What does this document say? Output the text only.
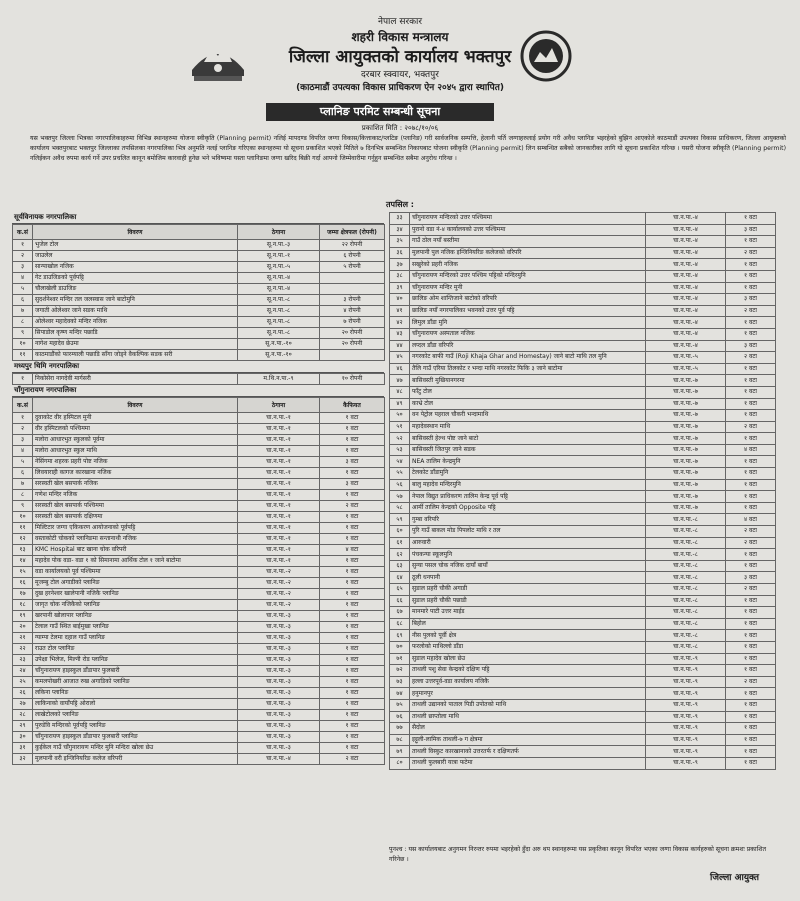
नेपाल सरकार
शहरी विकास मन्त्रालय
जिल्ला आयुक्तको कार्यालय भक्तपुर
दरबार स्क्वायर, भक्तपुर
(काठमाडौं उपत्यका विकास प्राधिकरण ऐन २०४५ द्वारा स्थापित)
प्लानिङ परमिट सम्बन्धी सूचना
प्रकाशित मिति : २०७८/१०/०६
यस भक्तपुर जिल्ला भित्रका नगरपालिकाहरुमा विभिन्न स्थानहरुमा योजना स्वीकृति (Planning permit) नलिई मापदण्ड विपरित जग्गा विकास/कित्ताकाट/प्लटिङ (प्लानिङ) गरी सार्वजनिक सम्पत्ति, हेलानी पर्ति जग्गाहरुलाई प्रयोग गरी अवैध प्लानिङ भइरहेको बुझिन आएकोले काठमाडौं उपत्यका विकास प्राधिकरण, जिल्ला आयुक्तको कार्यालय भक्तपुरबाट भक्तपुर जिल्लाका तपसिलका नगरपालिका भित्र अनुमति नलई प्लानिङ गरिएका स्थानहरुमा यो सूचना प्रकाशित भएको मितिले ७ दिनभित्र सम्बन्धित निकायबाट योजना स्वीकृति (Planning permit) लिन सम्बन्धित सबैको जानकारीका लागि यो सूचना प्रकाशित गरिन्छ । यसरी योजना स्वीकृति (Planning permit) नलिईकन अवैध रुपमा कार्य गर्ने उपर प्रचलित कानून बमोजिम कारवाही हुनेछ भने भविष्यमा यस्ता प्लानिङमा जग्गा खरिद बिक्री गर्दा आफ्नो जिम्मेवारीमा गर्नुहुन सम्बन्धित सबैमा अनुरोध गरिन्छ ।
तपसिल :
सूर्यविनायक नगरपालिका
क.सं	विवरण	ठेगाना	जम्मा क्षेत्रफल (रोपनी)
१	भुजेल टोल	सू.न.पा.-३	२२ रोपनी
२	जाउलेल	सू.न.पा.-१	६ रोपनी
३	सान्पाखोल नजिक	सू.न.पा.-५	५ रोपनी
४	गेट डाउजिङको पूर्वपट्टि	सू.न.पा.-४	
५	चौलाखेली डाउजिङ	सू.न.पा.-४	
६	सुदर्शनेश्वर मन्दिर तल जलस्वास जाने बाटोमुनि	सू.न.पा.-८	३ रोपनी
७	जगाती ओलेश्वर जाने सडक माथि	सू.न.पा.-८	४ रोपनी
८	ओलेश्वर महादेवको मन्दिर नजिक	सू.न.पा.-८	७ रोपनी
९	सिपाडोल कृष्ण मन्दिर पछाडि	सू.न.पा.-८	२० रोपनी
१०	नागेश महादेव छेउमा	सू.न.पा.-१०	२० रोपनी
११	काठमाडौंको फारम्याली पछाडि साँगा जोड्ने वैकल्पिक सडक सरी	सू.न.पा.-१०	
मध्यपुर थिमि नगरपालिका
१	निकोसेरा नागदेवी मार्गसरी	म.थि.न.पा.-९	१० रोपनी
चाँगुनारायण नगरपालिका
क.सं	विवरण	ठेगाना	कैफियत
१	दुवाकोट वीर हस्पिटल मुनी	चा.न.पा.-१	१ वटा
२	वीर हस्पिटलको पश्चिममा	चा.न.पा.-१	१ वटा
३	मलोरा आधारभुत स्कुलको पूर्वमा	चा.न.पा.-१	१ वटा
४	मलोरा आधारभुत स्कुल माथि	चा.न.पा.-१	१ वटा
५	नेसिंगमा शहरक प्रहरी पोष्ट नजिक	चा.न.पा.-१	३ वटा
६	लिवयाराही कागज कारखाना नजिक	चा.न.पा.-१	१ वटा
७	सरस्वती खेल बसपार्क नजिक	चा.न.पा.-१	३ वटा
८	गणेश मन्दिर नजिक	चा.न.पा.-१	१ वटा
९	सरस्वती खेल बसपार्क पश्चिममा	चा.न.पा.-१	२ वटा
१०	सरस्वती खेल बसपार्क दक्षिणमा	चा.न.पा.-१	१ वटा
११	मिल्टिटार जग्गा एकिकरण आयोजनाको पूर्वपट्टि	चा.न.पा.-१	१ वटा
१२	वस्ताकोटी चोकको प्लानिङमा सन्तानाथी नजिक	चा.न.पा.-१	१ वटा
१३	KMC Hospital बाट खाना चोक वरिपरी	चा.न.पा.-१	४ वटा
१४	महादेव पोक वडा- वडा १ को सिमानामा आर्थिक टोल १ जाने बाटोमा	चा.न.पा.-१	१ वटा
१५	वडा कार्यालयको पूर्व पश्चिममा	चा.न.पा.-२	१ वटा
१६	मूजम्बु टोल अगाडीको प्लानिङ	चा.न.पा.-२	१ वटा
१७	दुख हरनेश्वर खालेपानी नजिकै प्लानिङ	चा.न.पा.-२	१ वटा
१८	जागृत चोक नजिकैको प्लानिङ	चा.न.पा.-२	१ वटा
१९	खरपानी खोलापार प्लानिङ	चा.न.पा.-३	१ वटा
२०	टेलाल गाउँ स्थित बाईमुखा प्लानिङ	चा.न.पा.-३	१ वटा
२१	ग्याम्पा टेलमा दहाल गाउँ प्लानिङ	चा.न.पा.-३	१ वटा
२२	राउत टोल प्लानिङ	चा.न.पा.-३	१ वटा
२३	उपेक्षा भिलेज, मिल्नी रोड प्लानिङ	चा.न.पा.-३	१ वटा
२४	चाँगुनारायण हाइस्कुल डाँडापार फुलबारी	चा.न.पा.-३	१ वटा
२५	कमलपोखरी आजात रुख अगाडिको प्लानिङ	चा.न.पा.-३	१ वटा
२६	लकिना प्लानिङ	चा.न.पा.-३	१ वटा
२७	लाकिनाको वायाँपट्टि ओरालो	चा.न.पा.-३	१ वटा
२८	लाखेटोलको प्लानिङ	चा.न.पा.-३	१ वटा
२९	पुरुडेवि मन्दिरको पूर्वपट्टि प्लानिङ	चा.न.पा.-३	१ वटा
३०	चाँगुनारायण हाइस्कुल डाँडापार फुलबारी प्लानिङ	चा.न.पा.-३	१ वटा
३१	कुईकेल गाउँ चाँगुनारायण मन्दिर मुनि मन्दिरा खोला छेउ	चा.न.पा.-३	१ वटा
३२	मुलपानी वरी इन्जिनियरिङ कलेज वरिपरी	चा.न.पा.-४	२ वटा
३३	चाँगुनारायण मन्दिरको उत्तर पश्चिममा	चा.न.पा.-४	१ वटा
३४	पुरानो वडा नं-४ कार्यालयको उत्तर पश्चिममा	चा.न.पा.-४	३ वटा
३५	गाउँ ठोल नयाँ बस्तीमा	चा.न.पा.-४	१ वटा
३६	मुलपानी पुल नजिक इन्जिनियरिङ कलेजको वरिपरि	चा.न.पा.-४	२ वटा
३७	सखुरेको प्रहरी नजिक	चा.न.पा.-४	१ वटा
३८	चाँगुनारायण मन्दिरको उत्तर पश्चिम पट्टिको मन्दिरमुनि	चा.न.पा.-४	१ वटा
३९	चाँगुनारायण मन्दिर मुनी	चा.न.पा.-४	१ वटा
४०	छालिङ ओम शान्तिजाने बाटोको वरिपरि	चा.न.पा.-४	३ वटा
४१	छालिङ नयाँ नगरपालिका भवनको उत्तर पूर्व पट्टि	चा.न.पा.-४	२ वटा
४२	लिमुल डाँडा मुनि	चा.न.पा.-४	१ वटा
४३	चाँगुनारायण अस्पताल नजिक	चा.न.पा.-४	१ वटा
४४	लप्दल डाँडा वरिपरि	चा.न.पा.-४	३ वटा
४५	नगरकोट बाफी गाउँ (Roji Khaja Ghar and Homestay) जाने बाटो माथि तल मुनि	चा.न.पा.-५	२ वटा
४६	तैलि गाउँ एरिया तिलकोट र भन्दा माथि नगरकोट फिकि ३ जाने बाटोमा	चा.न.पा.-५	१ वटा
४७	बासिवस्ती मुखियानगरमा	चा.न.पा.-७	१ वटा
४८	फाँटु टोल	चा.न.पा.-७	१ वटा
४९	काभ्रे टोल	चा.न.पा.-७	१ वटा
५०	वन पेट्रोल पहराल चौकरी भन्दामाथि	चा.न.पा.-७	१ वटा
५१	महादेवस्थान माथि	चा.न.पा.-७	२ वटा
५२	बासिवस्ती हेल्थ पोष्ट जाने बाटो	चा.न.पा.-७	१ वटा
५३	बासिवस्ती जितपुर जाने सडक	चा.न.पा.-७	४ वटा
५४	NEA तालिम केन्द्रमुनि	चा.न.पा.-७	१ वटा
५५	टेलकोट डाँडामुनि	चा.न.पा.-७	१ वटा
५६	बालु महादेव मन्दिरमुनि	चा.न.पा.-७	१ वटा
५७	नेपाल विद्युत प्राधिकरण तालिम केन्द्र पूर्व पट्टि	चा.न.पा.-७	१ वटा
५८	आर्मी तालिम केन्द्रको Opposite पट्टि	चा.न.पा.-७	१ वटा
५९	गुम्बा वरिपरि	चा.न.पा.-८	४ वटा
६०	पुरि गाउँ बाकल मोड पिपलोट माथि र तल	चा.न.पा.-८	२ वटा
६१	आरुवारी	चा.न.पा.-८	२ वटा
६२	पंचकन्या स्कूलमुनि	चा.न.पा.-८	१ वटा
६३	सुन्या पसल चोक नजिक दायाँ बायाँ	चा.न.पा.-८	१ वटा
६४	ठूली धनपानी	चा.न.पा.-८	३ वटा
६५	सुडाल प्रहरी चौकी अगाडी	चा.न.पा.-८	२ वटा
६६	सुडाल प्रहरी चौकी पछाडी	चा.न.पा.-८	१ वटा
६७	मानमारे पाटी उत्तर माईड	चा.न.पा.-८	१ वटा
६८	बिहोल	चा.न.पा.-८	१ वटा
६९	नीस पुलको पूर्वी क्षेत्र	चा.न.पा.-८	१ वटा
७०	फरलोको माथिल्लो डाँडा	चा.न.पा.-८	१ वटा
७१	सुडाल महादेव खोला छेउ	चा.न.पा.-९	१ वटा
७२	ताथली पशु सेवा केन्द्रको दक्षिण पट्टि	चा.न.पा.-९	१ वटा
७३	हल्ला उत्तरपूर्व-वडा कार्यालय नजिकै	चा.न.पा.-९	२ वटा
७४	हनुमानपुर	चा.न.पा.-९	१ वटा
७५	ताथली उद्यानको पाताल पिडी उपोतको माथि	चा.न.पा.-९	१ वटा
७६	ताथली छाप्तोला माथि	चा.न.पा.-९	१ वटा
७७	सैदोल	चा.न.पा.-९	१ वटा
७८	इट्टुली-लामिक ताथली-७ ग क्षेत्रमा	चा.न.पा.-९	१ वटा
७९	ताथली विस्कुट कारखानाको उत्तरतर्फ र दक्षिणतर्फ	चा.न.पा.-९	१ वटा
८०	ताथली फुलबारी यात्रा फटेमा	चा.न.पा.-९	१ वटा
पुनश्च : यस कार्यालयबाट अनुगमन निरन्तर रुपमा भइरहेको हुँदा अरु थप स्थानहरूमा यस प्रकृतिका कानून विपरित भएका जग्गा विकास कार्यहरुको सूचना क्रमशः प्रकाशित गरिनेछ ।
जिल्ला आयुक्त
